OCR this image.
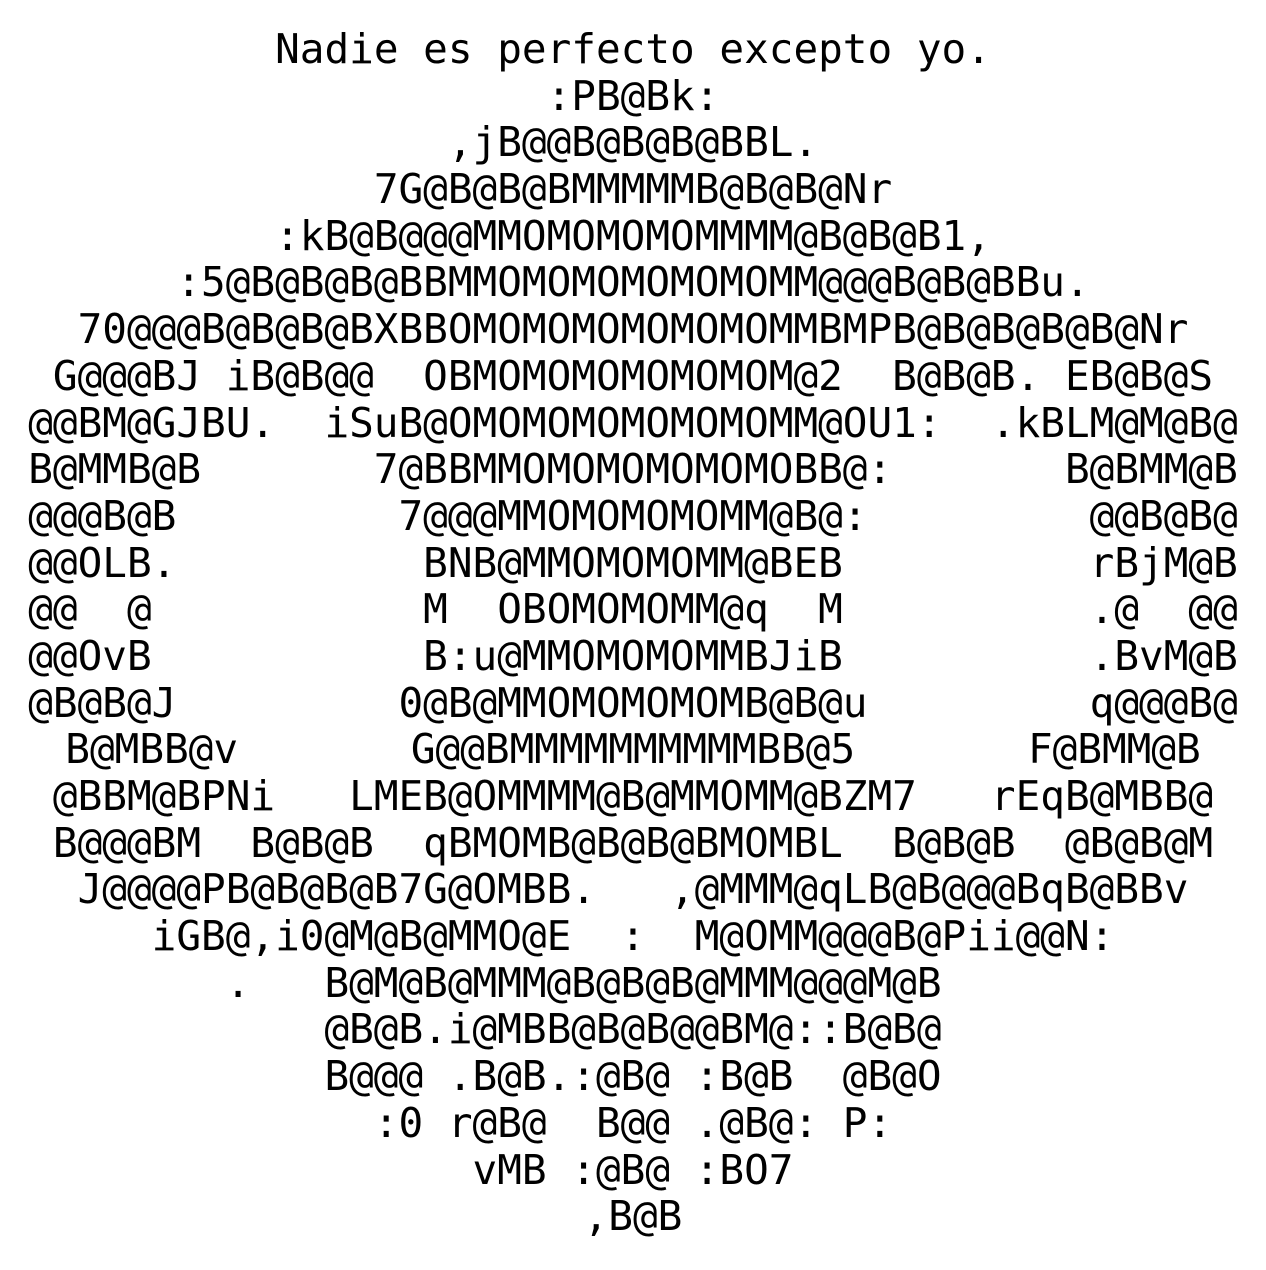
Nadie es perfecto excepto yo.
:PB@Bk:
,jB@@B@B@B@BBL.
7G@B@B@BMMMMMB@B@B@Nr
:kB@B@@@MMOMOMOMOMMMM@B@B@B1,
:5@B@B@B@BBMMOMOMOMOMOMOMM@@@B@B@BBu.
70@@@B@B@B@BXBBOMOMOMOMOMOMOMMBMPB@B@B@B@B@Nr
G@@@BJ iB@B@@  OBMOMOMOMOMOMOM@2  B@B@B. EB@B@S
@@BM@GJBU.  iSuB@OMOMOMOMOMOMOMM@OU1:  .kBLM@M@B@
B@MMB@B       7@BBMMOMOMOMOMOMOBB@:       B@BMM@B
@@@B@B         7@@@MMOMOMOMOMM@B@:         @@B@B@
@@OLB.          BNB@MMOMOMOMM@BEB          rBjM@B
@@  @           M  OBOMOMOMM@q  M          .@  @@
@@OvB           B:u@MMOMOMOMMBJiB          .BvM@B
@B@B@J         0@B@MMOMOMOMOMB@B@u         q@@@B@
B@MBB@v       G@@BMMMMMMMMMMBB@5       F@BMM@B
@BBM@BPNi   LMEB@OMMMM@B@MMOMM@BZM7   rEqB@MBB@
B@@@BM  B@B@B  qBMOMB@B@B@BMOMBL  B@B@B  @B@B@M
J@@@@PB@B@B@B7G@OMBB.   ,@MMM@qLB@B@@@BqB@BBv
iGB@,i0@M@B@MMO@E  :  M@OMM@@@B@Pii@@N:
.   B@M@B@MMM@B@B@B@MMM@@@M@B
@B@B.i@MBB@B@B@@BM@::B@B@
B@@@ .B@B.:@B@ :B@B  @B@O
:0 r@B@  B@@ .@B@: P:
vMB :@B@ :BO7
,B@B
